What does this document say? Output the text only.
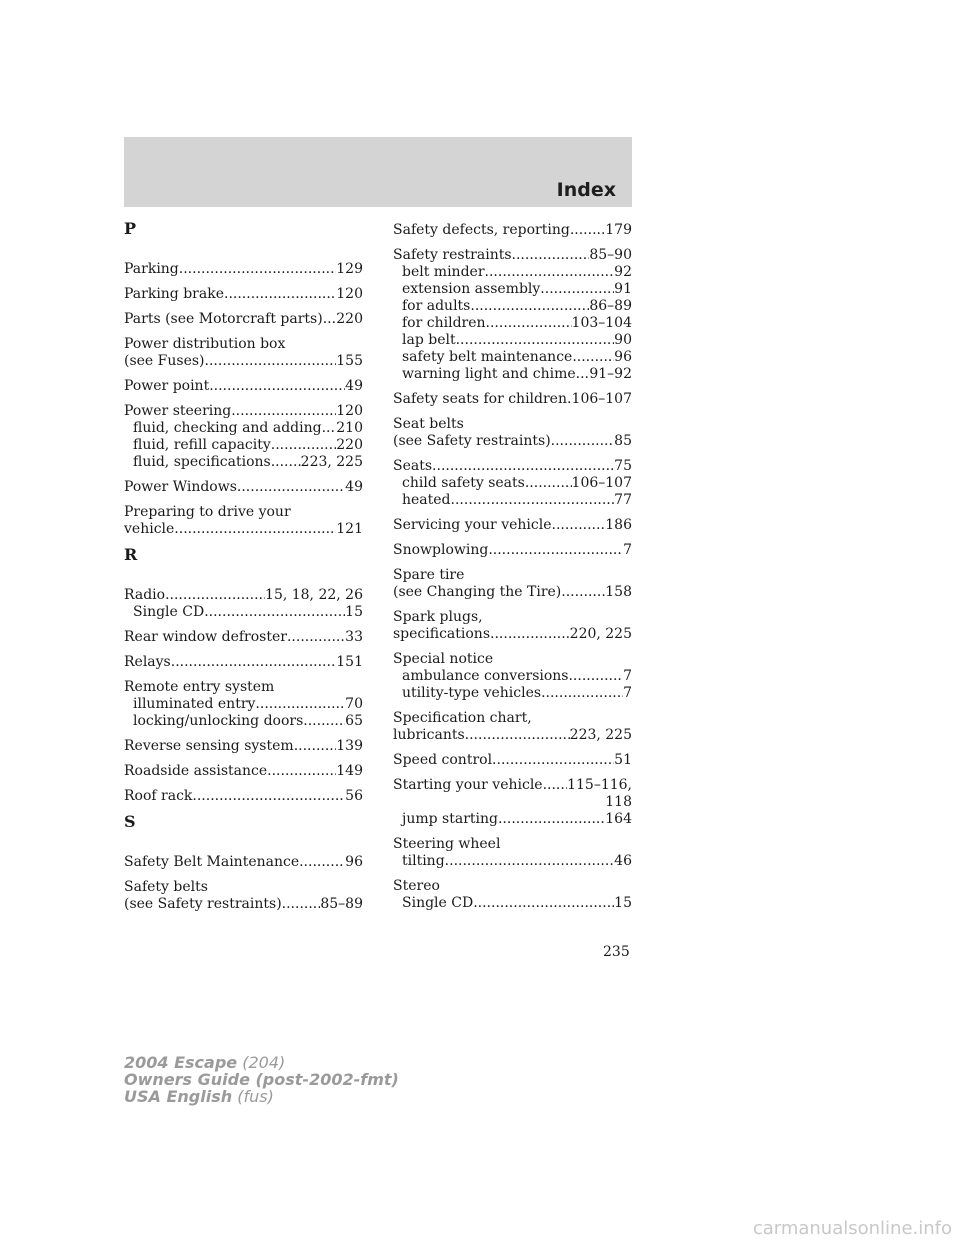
Index
P
Parking .....	129
Parking brake .....	120
Parts (see Motorcraft parts) ..... 220
Power distribution box
(see Fuses) .....	155
Power point .....	49
Power steering .....	120
fluid, checking and adding ..... 210
fluid, refill capacity .....	220
fluid, specifications ..... 223, 225
Power Windows .....	49
Preparing to drive your
vehicle .....	121
R
Radio .....	15, 18, 22, 26
Single CD .....	15
Rear window defroster .....	33
Relays .....	151
Remote entry system
illuminated entry .....	70
locking/unlocking doors .....	65
Reverse sensing system .....	139
Roadside assistance .....	149
Roof rack .....	56
S
Safety Belt Maintenance .....	96
Safety belts
(see Safety restraints) .....	85–89
Safety defects, reporting .....	179
Safety restraints .....	85–90
belt minder .....	92
extension assembly .....	91
for adults .....	86–89
for children .....	103–104
lap belt .....	90
safety belt maintenance .....	96
warning light and chime ..... 91–92
Safety seats for children ..... 106–107
Seat belts
(see Safety restraints) .....	85
Seats .....	75
child safety seats .....	106–107
heated .....	77
Servicing your vehicle .....	186
Snowplowing .....	7
Spare tire
(see Changing the Tire) .....	158
Spark plugs,
specifications .....	220, 225
Special notice
ambulance conversions .....	7
utility-type vehicles .....	7
Specification chart,
lubricants .....	223, 225
Speed control .....	51
Starting your vehicle ..... 115–116,
118
jump starting .....	164
Steering wheel
tilting .....	46
Stereo
Single CD .....	15
235
2004 Escape (204)
Owners Guide (post-2002-fmt)
USA English (fus)
carmanualsonline.info
